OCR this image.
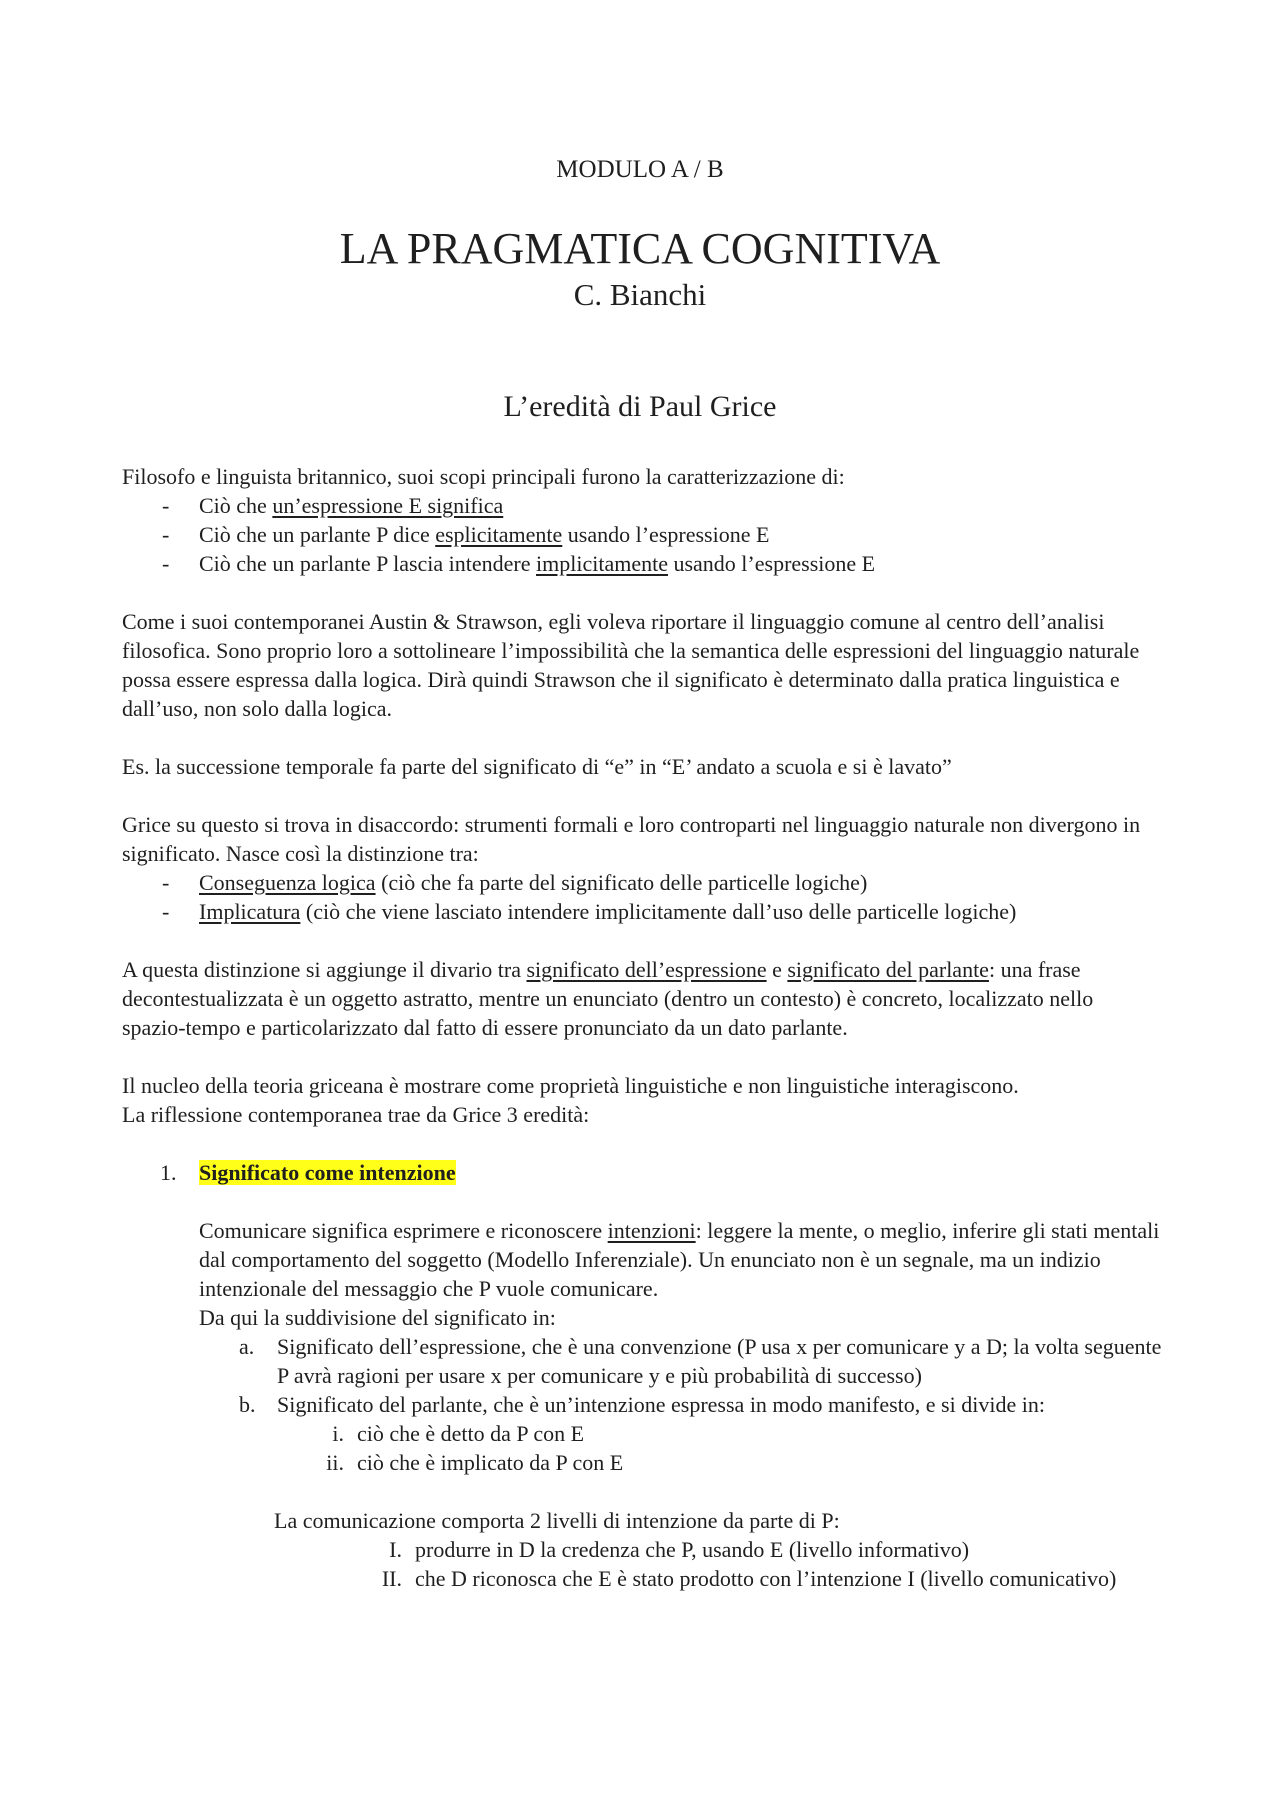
MODULO A / B
LA PRAGMATICA COGNITIVA
C. Bianchi
L’eredità di Paul Grice

Filosofo e linguista britannico, suoi scopi principali furono la caratterizzazione di:

- Ciò che un’espressione E significa
- Ciò che un parlante P dice esplicitamente usando l’espressione E
- Ciò che un parlante P lascia intendere implicitamente usando l’espressione E

Come i suoi contemporanei Austin & Strawson, egli voleva riportare il linguaggio comune al centro dell’analisi filosofica. Sono proprio loro a sottolineare l’impossibilità che la semantica delle espressioni del linguaggio naturale possa essere espressa dalla logica. Dirà quindi Strawson che il significato è determinato dalla pratica linguistica e dall’uso, non solo dalla logica.

Es. la successione temporale fa parte del significato di “e” in “E’ andato a scuola e si è lavato”

Grice su questo si trova in disaccordo: strumenti formali e loro controparti nel linguaggio naturale non divergono in significato. Nasce così la distinzione tra:

- Conseguenza logica (ciò che fa parte del significato delle particelle logiche)
- Implicatura (ciò che viene lasciato intendere implicitamente dall’uso delle particelle logiche)

A questa distinzione si aggiunge il divario tra significato dell’espressione e significato del parlante: una frase decontestualizzata è un oggetto astratto, mentre un enunciato (dentro un contesto) è concreto, localizzato nello spazio-tempo e particolarizzato dal fatto di essere pronunciato da un dato parlante.

Il nucleo della teoria griceana è mostrare come proprietà linguistiche e non linguistiche interagiscono.

La riflessione contemporanea trae da Grice 3 eredità:

1. Significato come intenzione

Comunicare significa esprimere e riconoscere intenzioni: leggere la mente, o meglio, inferire gli stati mentali dal comportamento del soggetto (Modello Inferenziale). Un enunciato non è un segnale, ma un indizio intenzionale del messaggio che P vuole comunicare.

Da qui la suddivisione del significato in:

a. Significato dell’espressione, che è una convenzione (P usa x per comunicare y a D; la volta seguente P avrà ragioni per usare x per comunicare y e più probabilità di successo)
b. Significato del parlante, che è un’intenzione espressa in modo manifesto, e si divide in:
i. ciò che è detto da P con E
ii. ciò che è implicato da P con E

La comunicazione comporta 2 livelli di intenzione da parte di P:

I. produrre in D la credenza che P, usando E (livello informativo)
II. che D riconosca che E è stato prodotto con l’intenzione I (livello comunicativo)
